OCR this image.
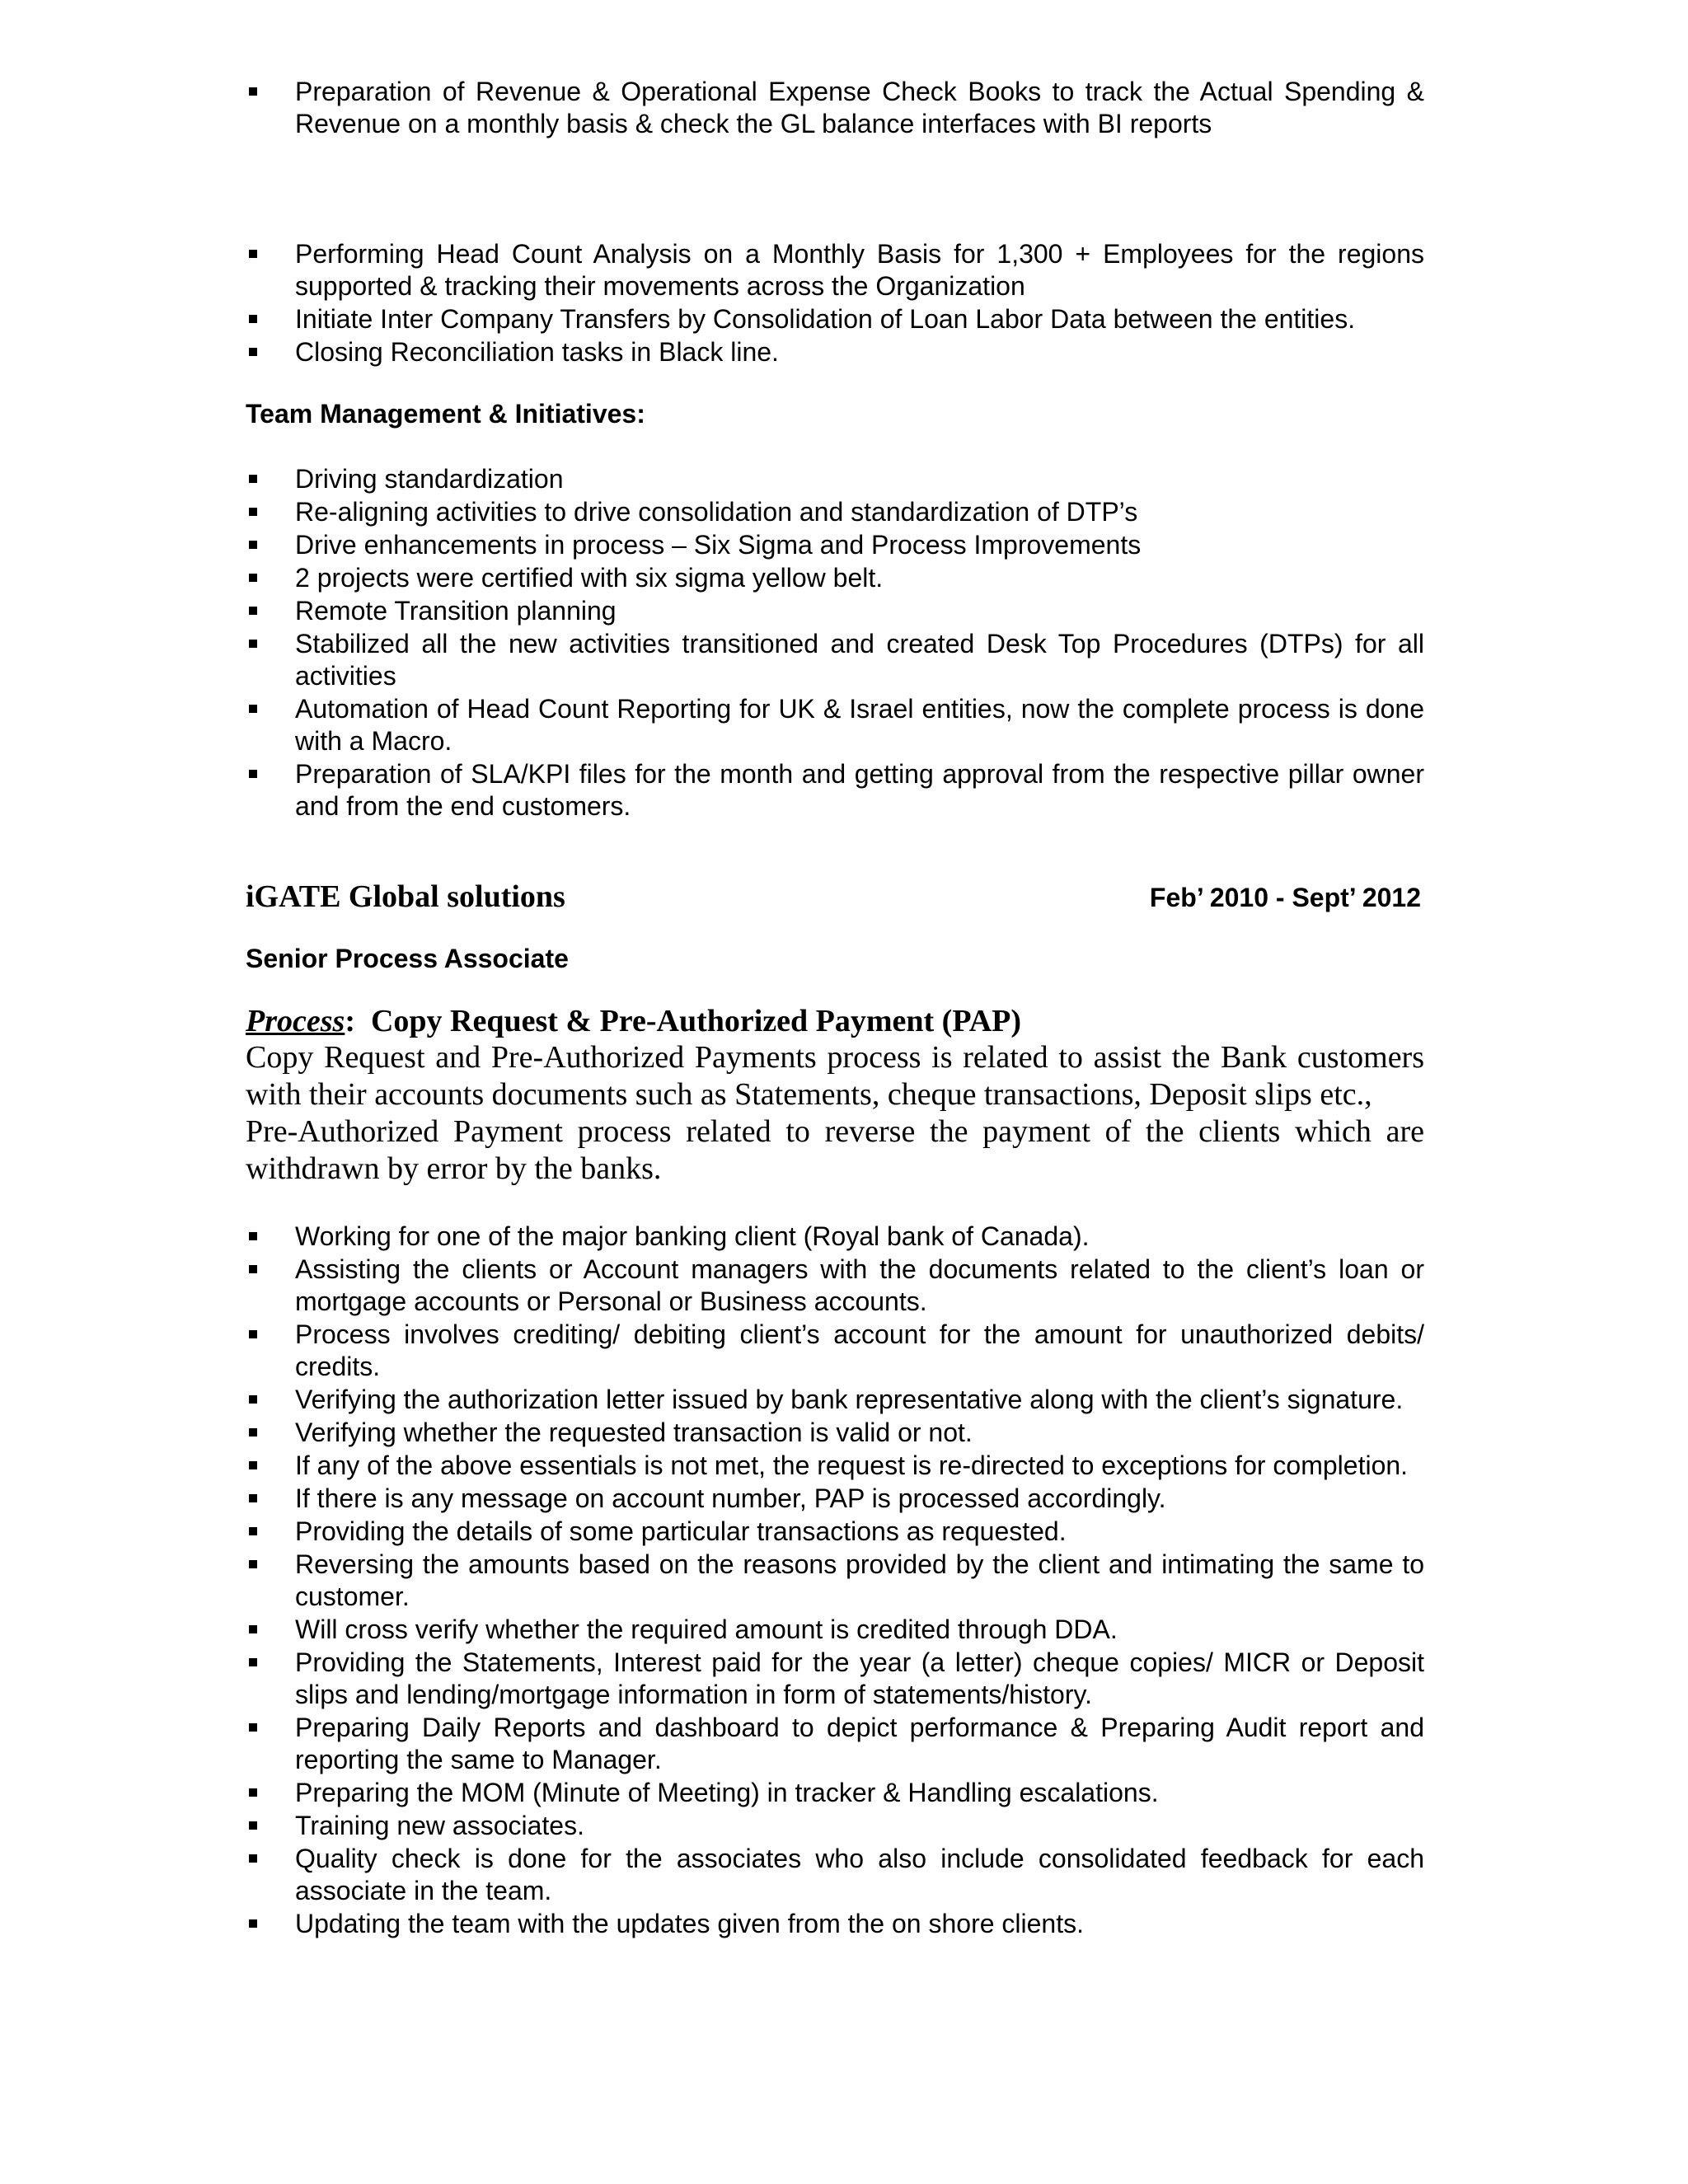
Preparation of Revenue & Operational Expense Check Books to track the Actual Spending & Revenue on a monthly basis & check the GL balance interfaces with BI reports
Performing Head Count Analysis on a Monthly Basis for 1,300 + Employees for the regions supported & tracking their movements across the Organization
Initiate Inter Company Transfers by Consolidation of Loan Labor Data between the entities.
Closing Reconciliation tasks in Black line.

Team Management & Initiatives:

Driving standardization
Re-aligning activities to drive consolidation and standardization of DTP’s
Drive enhancements in process – Six Sigma and Process Improvements
2 projects were certified with six sigma yellow belt.
Remote Transition planning
Stabilized all the new activities transitioned and created Desk Top Procedures (DTPs) for all activities
Automation of Head Count Reporting for UK & Israel entities, now the complete process is done with a Macro.
Preparation of SLA/KPI files for the month and getting approval from the respective pillar owner and from the end customers.
iGATE Global solutions	Feb’ 2010 - Sept’ 2012

Senior Process Associate

Process: Copy Request & Pre-Authorized Payment (PAP)

Copy Request and Pre-Authorized Payments process is related to assist the Bank customers with their accounts documents such as Statements, cheque transactions, Deposit slips etc.,

Pre-Authorized Payment process related to reverse the payment of the clients which are withdrawn by error by the banks.

Working for one of the major banking client (Royal bank of Canada).
Assisting the clients or Account managers with the documents related to the client’s loan or mortgage accounts or Personal or Business accounts.
Process involves crediting/ debiting client’s account for the amount for unauthorized debits/ credits.
Verifying the authorization letter issued by bank representative along with the client’s signature.
Verifying whether the requested transaction is valid or not.
If any of the above essentials is not met, the request is re-directed to exceptions for completion.
If there is any message on account number, PAP is processed accordingly.
Providing the details of some particular transactions as requested.
Reversing the amounts based on the reasons provided by the client and intimating the same to customer.
Will cross verify whether the required amount is credited through DDA.
Providing the Statements, Interest paid for the year (a letter) cheque copies/ MICR or Deposit slips and lending/mortgage information in form of statements/history.
Preparing Daily Reports and dashboard to depict performance & Preparing Audit report and reporting the same to Manager.
Preparing the MOM (Minute of Meeting) in tracker & Handling escalations.
Training new associates.
Quality check is done for the associates who also include consolidated feedback for each associate in the team.
Updating the team with the updates given from the on shore clients.
